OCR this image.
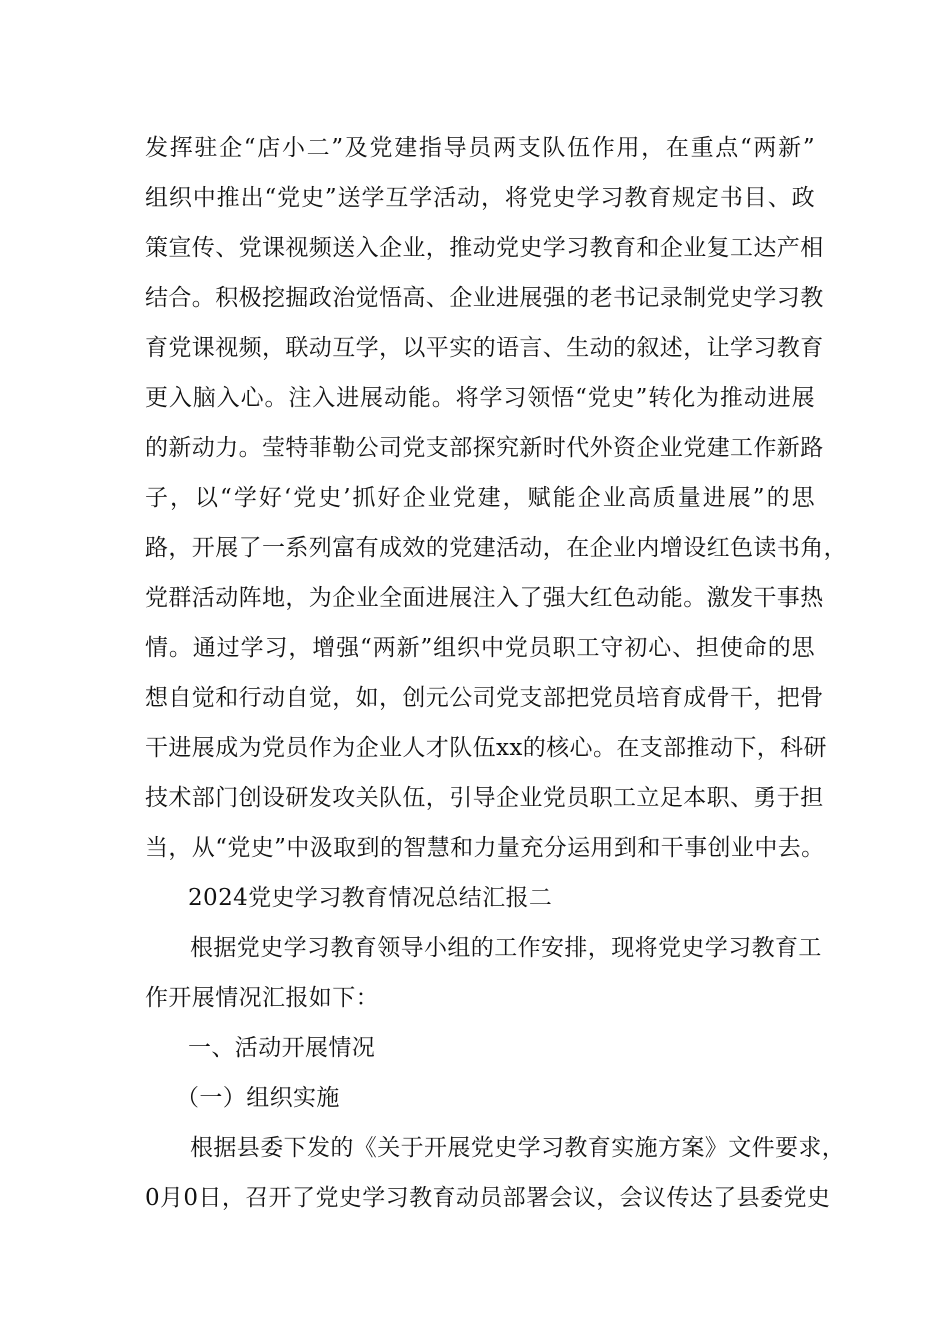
发挥驻企“店小二”及党建指导员两支队伍作用，在重点“两新”
组织中推出“党史”送学互学活动，将党史学习教育规定书目、政
策宣传、党课视频送入企业，推动党史学习教育和企业复工达产相
结合。积极挖掘政治觉悟高、企业进展强的老书记录制党史学习教
育党课视频，联动互学，以平实的语言、生动的叙述，让学习教育
更入脑入心。注入进展动能。将学习领悟“党史”转化为推动进展
的新动力。莹特菲勒公司党支部探究新时代外资企业党建工作新路
子，以“学好‘党史’抓好企业党建，赋能企业高质量进展”的思
路，开展了一系列富有成效的党建活动，在企业内增设红色读书角，
党群活动阵地，为企业全面进展注入了强大红色动能。激发干事热
情。通过学习，增强“两新”组织中党员职工守初心、担使命的思
想自觉和行动自觉，如，创元公司党支部把党员培育成骨干，把骨
干进展成为党员作为企业人才队伍xx的核心。在支部推动下，科研
技术部门创设研发攻关队伍，引导企业党员职工立足本职、勇于担
当，从“党史”中汲取到的智慧和力量充分运用到和干事创业中去。
2024党史学习教育情况总结汇报二
根据党史学习教育领导小组的工作安排，现将党史学习教育工
作开展情况汇报如下：
一、活动开展情况
（一）组织实施
根据县委下发的《关于开展党史学习教育实施方案》文件要求，
0月0日，召开了党史学习教育动员部署会议，会议传达了县委党史
